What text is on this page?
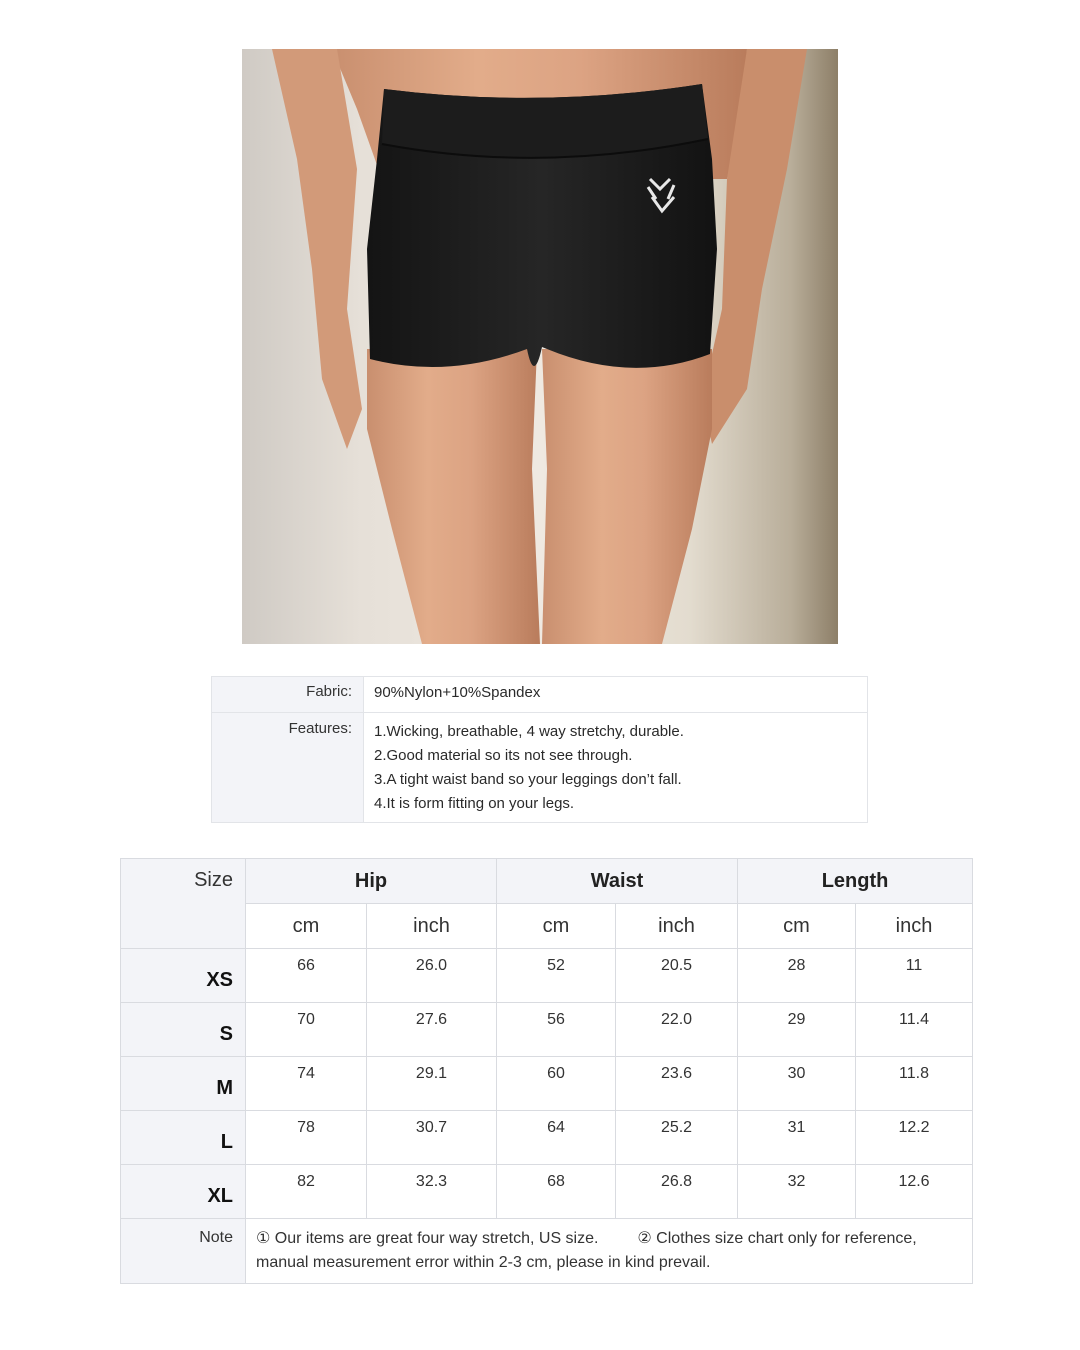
Fabric:	90%Nylon+10%Spandex
Features:	1.Wicking, breathable, 4 way stretchy, durable.
2.Good material so its not see through.
3.A tight waist band so your leggings don’t fall.
4.It is form fitting on your legs.
Size	Hip		Waist		Length	
	cm	inch	cm	inch	cm	inch
XS	66	26.0	52	20.5	28	11
S	70	27.6	56	22.0	29	11.4
M	74	29.1	60	23.6	30	11.8
L	78	30.7	64	25.2	31	12.2
XL	82	32.3	68	26.8	32	12.6
Note	① Our items are great four way stretch, US size. ② Clothes size chart only for reference,
manual measurement error within 2-3 cm, please in kind prevail.					
